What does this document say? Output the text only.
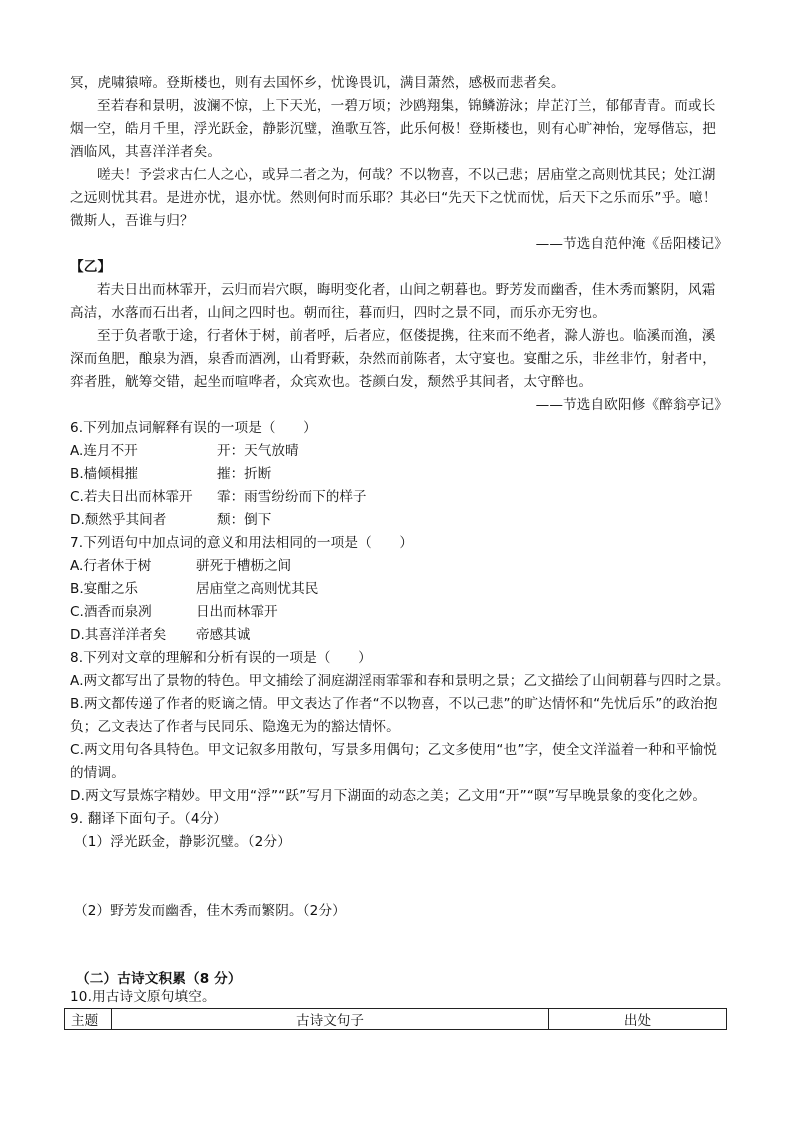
冥，虎啸猿啼。登斯楼也，则有去国怀乡，忧谗畏讥，满目萧然，感极而悲者矣。
至若春和景明，波澜不惊，上下天光，一碧万顷；沙鸥翔集，锦鳞游泳；岸芷汀兰，郁郁青青。而或长
烟一空，皓月千里，浮光跃金，静影沉璧，渔歌互答，此乐何极！登斯楼也，则有心旷神怡，宠辱偕忘，把
酒临风，其喜洋洋者矣。
嗟夫！予尝求古仁人之心，或异二者之为，何哉？不以物喜，不以己悲；居庙堂之高则忧其民；处江湖
之远则忧其君。是进亦忧，退亦忧。然则何时而乐耶？其必曰“先天下之忧而忧，后天下之乐而乐”乎。噫！
微斯人，吾谁与归？
——节选自范仲淹《岳阳楼记》
【乙】
若夫日出而林霏开，云归而岩穴暝，晦明变化者，山间之朝暮也。野芳发而幽香，佳木秀而繁阴，风霜
高洁，水落而石出者，山间之四时也。朝而往，暮而归，四时之景不同，而乐亦无穷也。
至于负者歌于途，行者休于树，前者呼，后者应，伛偻提携，往来而不绝者，滁人游也。临溪而渔，溪
深而鱼肥，酿泉为酒，泉香而酒冽，山肴野蔌，杂然而前陈者，太守宴也。宴酣之乐，非丝非竹，射者中，
弈者胜，觥筹交错，起坐而喧哗者，众宾欢也。苍颜白发，颓然乎其间者，太守醉也。
——节选自欧阳修《醉翁亭记》
6.下列加点词解释有误的一项是（　　）
A.连月不开	开：天气放晴
B.樯倾楫摧	摧：折断
C.若夫日出而林霏开 霏：雨雪纷纷而下的样子
D.颓然乎其间者	颓：倒下
7.下列语句中加点词的意义和用法相同的一项是（　　）
A.行者休于树	骈死于槽枥之间
B.宴酣之乐	居庙堂之高则忧其民
C.酒香而泉冽	日出而林霏开
D.其喜洋洋者矣 帝感其诚
8.下列对文章的理解和分析有误的一项是（　　）
A.两文都写出了景物的特色。甲文捕绘了洞庭湖淫雨霏霏和春和景明之景；乙文描绘了山间朝暮与四时之景。
B.两文都传递了作者的贬谪之情。甲文表达了作者“不以物喜，不以己悲”的旷达情怀和“先忧后乐”的政治抱
负；乙文表达了作者与民同乐、隐逸无为的豁达情怀。
C.两文用句各具特色。甲文记叙多用散句，写景多用偶句；乙文多使用“也”字，使全文洋溢着一种和平愉悦
的情调。
D.两文写景炼字精妙。甲文用“浮”“跃”写月下湖面的动态之美；乙文用“开”“暝”写早晚景象的变化之妙。
9. 翻译下面句子。（4分）
（1）浮光跃金，静影沉璧。（2分）
（2）野芳发而幽香，佳木秀而繁阴。（2分）
（二）古诗文积累（8 分）
10.用古诗文原句填空。
主题	古诗文句子	出处
